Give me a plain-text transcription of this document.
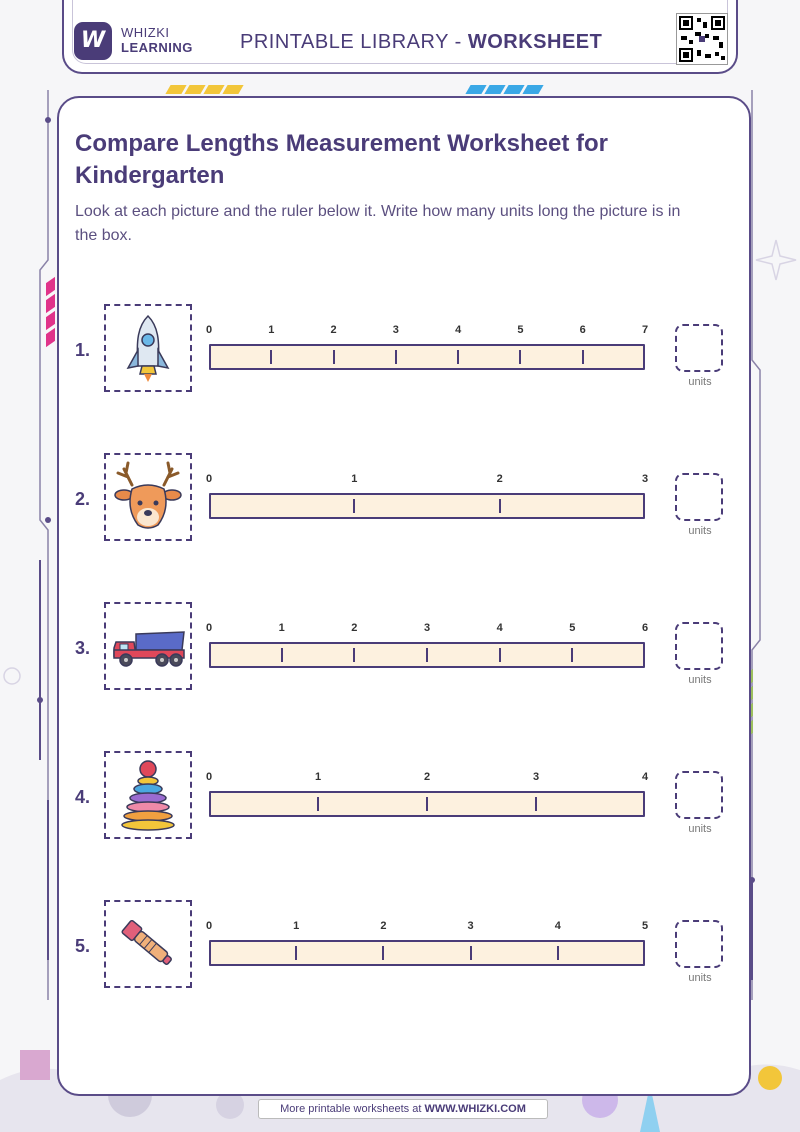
W	WHIZKI
LEARNING PRINTABLE LIBRARY - WORKSHEET
Compare Lengths Measurement Worksheet for Kindergarten
Look at each picture and the ruler below it. Write how many units long the picture is in the box.
1.
0	1	2	3	4	5	6	7
units
2.
0	1	2	3
units
3.
0	1	2	3	4	5	6
units
4.
0	1	2	3	4
units
5.
0	1	2	3	4	5
units
More printable worksheets at WWW.WHIZKI.COM
